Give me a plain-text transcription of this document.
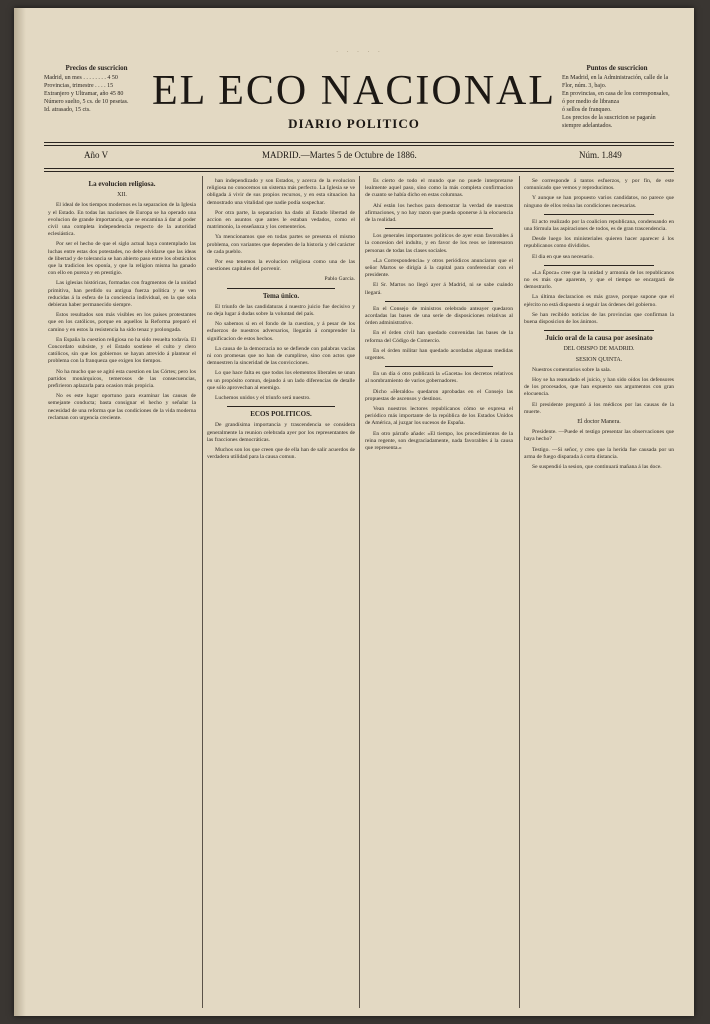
· · · · ·
Precios de suscricion
Madrid, un mes . . . . . . . . 4 50
Provincias, trimestre . . . . 15
Extranjero y Ultramar, año 45 80
Número suelto, 5 cs. de 10 pesetas.
Id. atrasado, 15 cts.	EL ECO NACIONAL
DIARIO POLITICO
Puntos de suscricion
En Madrid, en la Administración, calle de la Flor, núm. 3, bajo.
En provincias, en casa de los corresponsales, ó por medio de libranza
ó sellos de franqueo.
Los precios de la suscricion se pagarán siempre adelantados.
Año V	MADRID.—Martes 5 de Octubre de 1886.	Núm. 1.849
La evolucion religiosa.
XII.

El ideal de los tiempos modernos es la separacion de la Iglesia y el Estado. En todas las naciones de Europa se ha operado una evolucion de grande importancia, que se encamina á dar al poder civil una completa independencia respecto de la autoridad eclesiástica.

Por ser el hecho de que el siglo actual haya contemplado las luchas entre estas dos potestades, no debe olvidarse que las ideas de libertad y de tolerancia se han abierto paso entre los obstáculos que la tradicion les oponía, y que la religion misma ha ganado con ello en pureza y en prestigio.

Las iglesias históricas, formadas con fragmentos de la unidad primitiva, han perdido su antigua fuerza política y se ven reducidas á la esfera de la conciencia individual, en la que sola debieran haber permanecido siempre.

Estos resultados son más visibles en los paises protestantes que en los católicos, porque en aquellos la Reforma preparó el camino y en estos la resistencia ha sido tenaz y prolongada.

En España la cuestion religiosa no ha sido resuelta todavía. El Concordato subsiste, y el Estado sostiene el culto y clero católicos, sin que los gobiernos se hayan atrevido á plantear el problema con la franqueza que exigen los tiempos.

No ha mucho que se agitó esta cuestion en las Córtes; pero los partidos monárquicos, temerosos de las consecuencias, prefirieron aplazarla para ocasion más propicia.

No es este lugar oportuno para examinar las causas de semejante conducta; basta consignar el hecho y señalar la necesidad de una reforma que las condiciones de la vida moderna reclaman con urgencia creciente.

han independizado y son Estados, y acerca de la evolucion religiosa no conocemos un sistema más perfecto. La Iglesia se ve obligada á vivir de sus propios recursos, y en esta situacion ha demostrado una vitalidad que nadie podía sospechar.

Por otra parte, la separacion ha dado al Estado libertad de accion en asuntos que antes le estaban vedados, como el matrimonio, la enseñanza y los cementerios.

Ya mencionamos que en todas partes se presenta el mismo problema, con variantes que dependen de la historia y del carácter de cada pueblo.

Por eso tenemos la evolucion religiosa como una de las cuestiones capitales del porvenir.

Pablo Garcia.

Tema único.

El triunfo de las candidaturas á nuestro juicio fue decisivo y no deja lugar á dudas sobre la voluntad del país.

No sabemos si en el fondo de la cuestion, y á pesar de los esfuerzos de nuestros adversarios, llegarán á comprender la significacion de estos hechos.

La causa de la democracia no se defiende con palabras vacías ni con promesas que no han de cumplirse, sino con actos que demuestren la sinceridad de las convicciones.

Lo que hace falta es que todos los elementos liberales se unan en un propósito comun, dejando á un lado diferencias de detalle que sólo aprovechan al enemigo.

Luchemos unidos y el triunfo será nuestro.

ECOS POLITICOS.

De grandísima importancia y trascendencia se considera generalmente la reunion celebrada ayer por los representantes de las fracciones democráticas.

Muchos son los que creen que de ella han de salir acuerdos de verdadera utilidad para la causa comun.

Es cierto de todo el mundo que no puede interpretarse lealmente aquel paso, sino como la más completa confirmacion de cuanto se había dicho en estas columnas.

Ahí están los hechos para demostrar la verdad de nuestras afirmaciones, y no hay razon que pueda oponerse á la elocuencia de la realidad.

Los generales importantes políticos de ayer eran favorables á la concesion del indulto, y en favor de los reos se interesaron personas de todas las clases sociales.

«La Correspondencia» y otros periódicos anunciaron que el señor Martos se dirigía á la capital para conferenciar con el presidente.

El Sr. Martos no llegó ayer á Madrid, ni se sabe cuándo llegará.

En el Consejo de ministros celebrado anteayer quedaron acordadas las bases de una serie de disposiciones relativas al órden administrativo.

En el órden civil han quedado convenidas las bases de la reforma del Código de Comercio.

En el órden militar han quedado acordadas algunas medidas urgentes.

En un día ó otro publicará la «Gaceta» los decretos relativos al nombramiento de varios gobernadores.

Dicho «Heraldo» quedaron aprobadas en el Consejo las propuestas de ascensos y destinos.

Vean nuestros lectores republicanos cómo se expresa el periódico más importante de la república de los Estados Unidos de América, al juzgar los sucesos de España.

En otro párrafo añade: «El tiempo, los procedimientos de la reina regente, son desgraciadamente, nada favorables á la causa que representa.»

Se corresponde á tantos esfuerzos, y por fin, de este comunicado que vemos y reproducimos.

Y aunque se han propuesto varios candidatos, no parece que ninguno de ellos reúna las condiciones necesarias.

El acto realizado por la coalicion republicana, condensando en una fórmula las aspiraciones de todos, es de gran trascendencia.

Desde luego los ministeriales quieren hacer aparecer á los republicanos como divididos.

El dia en que sea necesario.

«La Época» cree que la unidad y armonía de los republicanos no es más que aparente, y que el tiempo se encargará de demostrarlo.

La última declaracion es más grave, porque supone que el ejército no está dispuesto á seguir las órdenes del gobierno.

Se han recibido noticias de las provincias que confirman la buena disposicion de los ánimos.

Juicio oral de la causa por asesinato
DEL OBISPO DE MADRID.
SESION QUINTA.

Nuestros comentarios sobre la sala.

Hoy se ha reanudado el juicio, y han sido oídos los defensores de los procesados, que han expuesto sus argumentos con gran elocuencia.

El presidente preguntó á los médicos por las causas de la muerte.

El doctor Manera.

Presidente. —Puede el testigo presentar las observaciones que haya hecho?

Testigo. —Si señor, y creo que la herida fue causada por un arma de fuego disparada á corta distancia.

Se suspendió la sesion, que continuará mañana á las doce.
